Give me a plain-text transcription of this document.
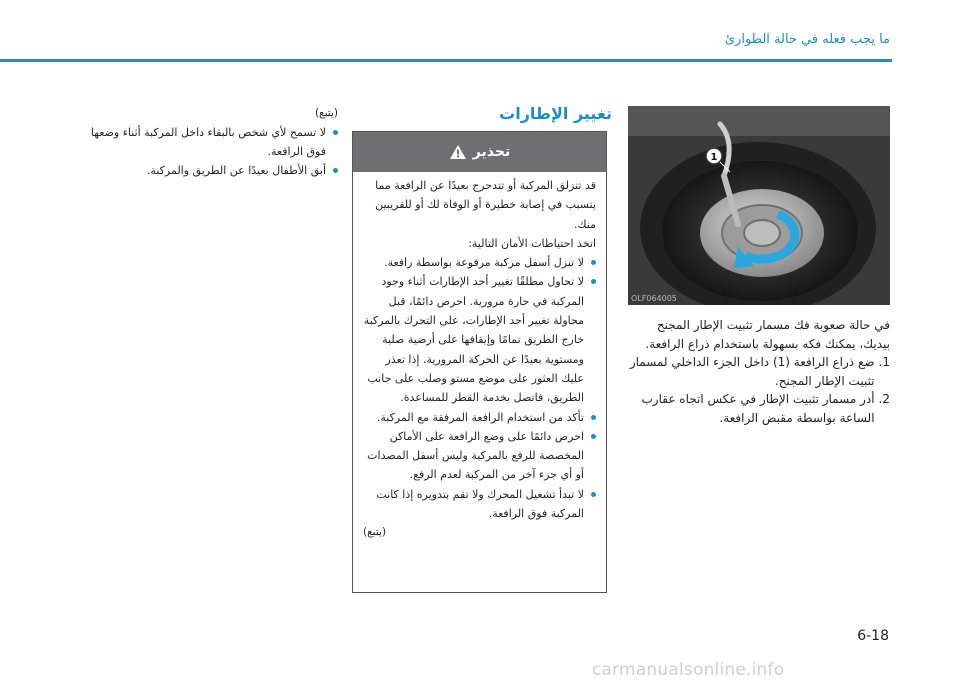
ما يجب فعله في حالة الطوارئ
1
OLF064005

في حالة صعوبة فك مسمار تثبيت الإطار المجنح بيديك، يمكنك فكه بسهولة باستخدام ذراع الرافعة.

1.
ضع ذراع الرافعة (1) داخل الجزء الداخلي لمسمار تثبيت الإطار المجنح.
2.
أدر مسمار تثبيت الإطار في عكس اتجاه عقارب الساعة بواسطة مقبض الرافعة.
تغيير الإطارات
تحذير

قد تنزلق المركبة أو تتدحرج بعيدًا عن الرافعة مما يتسبب في إصابة خطيرة أو الوفاة لك أو للقريبين منك.

اتخذ احتياطات الأمان التالية:

لا تنزل أسفل مركبة مرفوعة بواسطة رافعة.
لا تحاول مطلقًا تغيير أحد الإطارات أثناء وجود المركبة في حارة مرورية. احرص دائمًا، قبل محاولة تغيير أحد الإطارات، على التحرك بالمركبة خارج الطريق تمامًا وإيقافها على أرضية صلبة ومستوية بعيدًا عن الحركة المرورية. إذا تعذر عليك العثور على موضع مستو وصلب على جانب الطريق، فاتصل بخدمة القطر للمساعدة.
تأكد من استخدام الرافعة المرفقة مع المركبة.
احرص دائمًا على وضع الرافعة على الأماكن المخصصة للرفع بالمركبة وليس أسفل المصدات أو أي جزء آخر من المركبة لعدم الرفع.
لا تبدأ تشغيل المحرك ولا تقم بتدويره إذا كانت المركبة فوق الرافعة.

(يتبع)

(يتبع)

لا تسمح لأي شخص بالبقاء داخل المركبة أثناء وضعها فوق الرافعة.
أبق الأطفال بعيدًا عن الطريق والمركبة.
6-18
carmanualsonline.info
